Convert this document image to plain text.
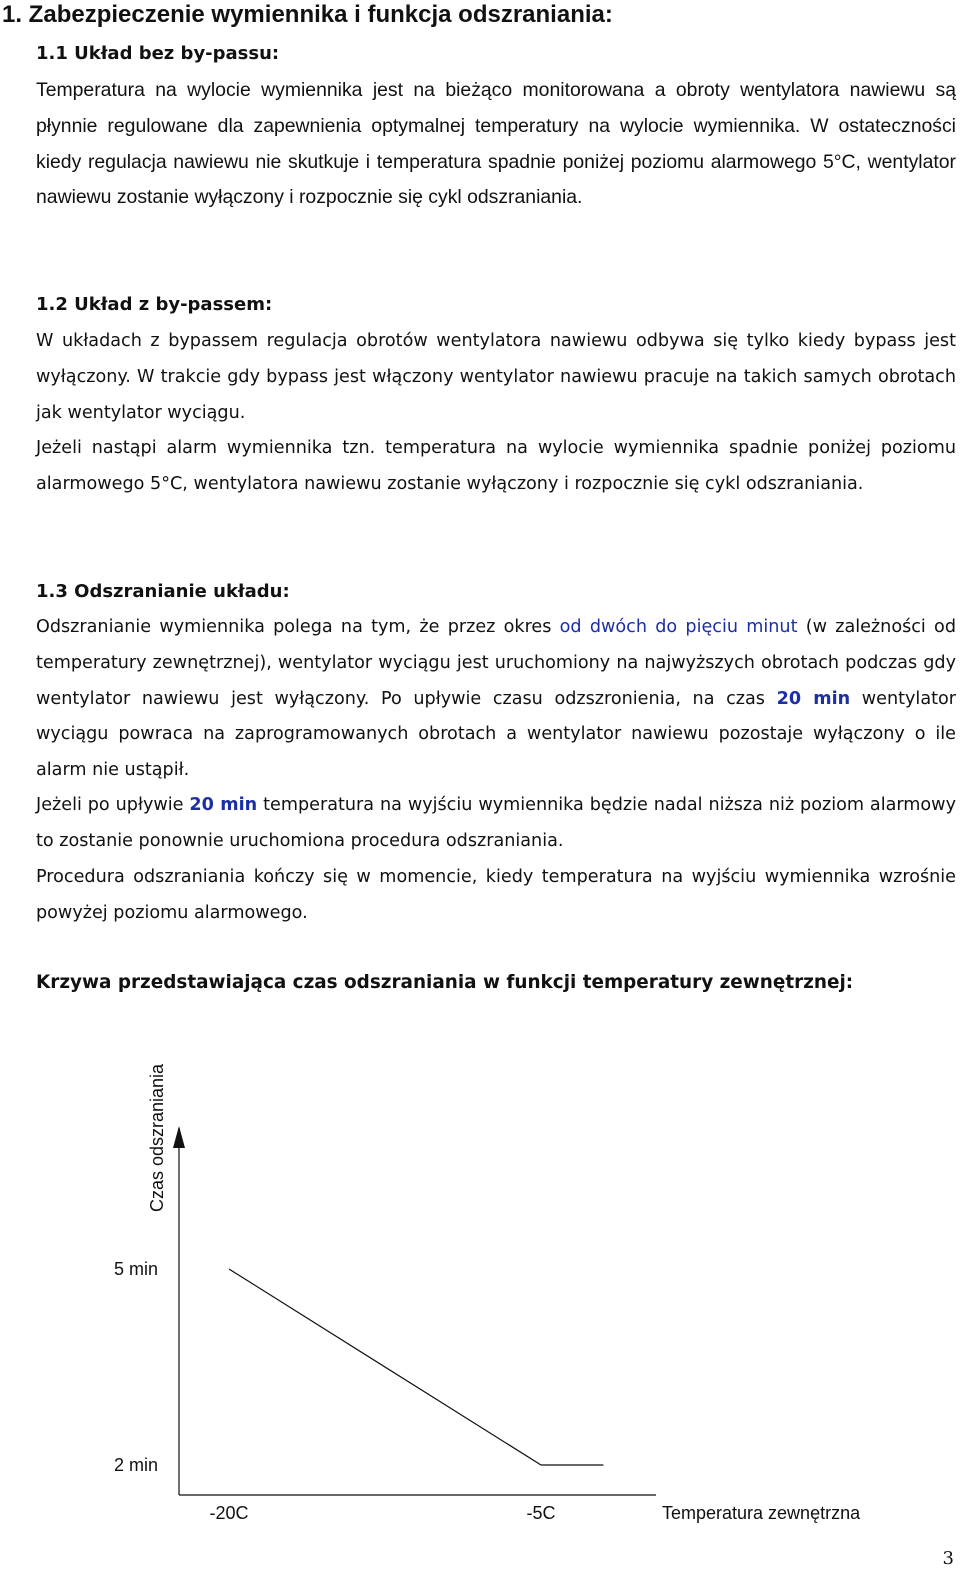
1. Zabezpieczenie wymiennika i funkcja odszraniania:
1.1 Układ bez by-passu:
Temperatura na wylocie wymiennika jest na bieżąco monitorowana a obroty wentylatora nawiewu są płynnie regulowane dla zapewnienia optymalnej temperatury na wylocie wymiennika. W ostateczności kiedy regulacja nawiewu nie skutkuje i temperatura spadnie poniżej poziomu alarmowego 5°C, wentylator nawiewu zostanie wyłączony i rozpocznie się cykl odszraniania.
1.2 Układ z by-passem:
W układach z bypassem regulacja obrotów wentylatora nawiewu odbywa się tylko kiedy bypass jest wyłączony. W trakcie gdy bypass jest włączony wentylator nawiewu pracuje na takich samych obrotach jak wentylator wyciągu.
Jeżeli nastąpi alarm wymiennika tzn. temperatura na wylocie wymiennika spadnie poniżej poziomu alarmowego 5°C, wentylatora nawiewu zostanie wyłączony i rozpocznie się cykl odszraniania.
1.3 Odszranianie układu:
Odszranianie wymiennika polega na tym, że przez okres od dwóch do pięciu minut (w zależności od temperatury zewnętrznej), wentylator wyciągu jest uruchomiony na najwyższych obrotach podczas gdy wentylator nawiewu jest wyłączony. Po upływie czasu odzszronienia, na czas 20 min wentylator wyciągu powraca na zaprogramowanych obrotach a wentylator nawiewu pozostaje wyłączony o ile alarm nie ustąpił.
Jeżeli po upływie 20 min temperatura na wyjściu wymiennika będzie nadal niższa niż poziom alarmowy to zostanie ponownie uruchomiona procedura odszraniania.
Procedura odszraniania kończy się w momencie, kiedy temperatura na wyjściu wymiennika wzrośnie powyżej poziomu alarmowego.
Krzywa przedstawiająca czas odszraniania w funkcji temperatury zewnętrznej:
Czas odszraniania
Temperatura zewnętrzna
-20C	-5C
5 min
2 min
3
